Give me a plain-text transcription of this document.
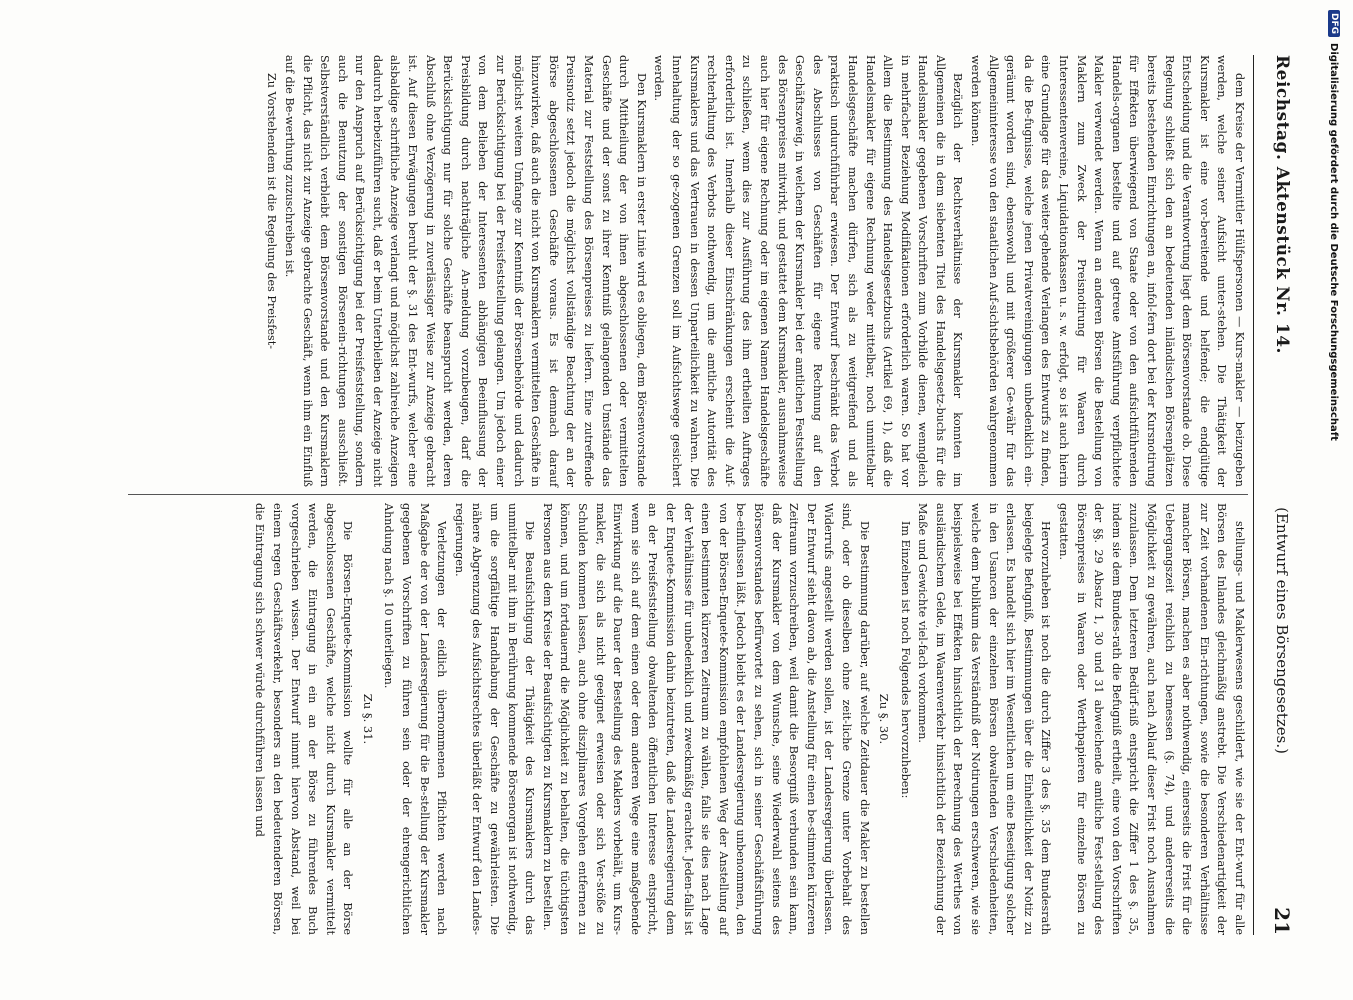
Reichstag. Aktenstück Nr. 14.
(Entwurf eines Börsengesetzes.)
21

dem Kreise der Vermittler Hülfspersonen — Kurs-makler — beizugeben werden, welche seiner Aufsicht unter-stehen. Die Thätigkeit der Kursmakler ist eine vor-bereitende und helfende; die endgültige Entscheidung und die Verantwortung liegt dem Börsenvorstande ob. Diese Regelung schließt sich den an bedeutenden inländischen Börsenplätzen bereits bestehenden Einrichtungen an, infol-fern dort bei der Kursnotirung für Effekten überwiegend von Staate oder von den aufsichtführenden Handels-organen bestellte und auf getreue Amtsführung verpflichtete Makler verwendet werden. Wenn an anderen Börsen die Bestellung von Maklern zum Zweck der Preisnotirung für Waaren durch Interessentenvereine, Liquidationskassen u. s. w. erfolgt, so ist auch hierin eine Grundlage für das weiter-gehende Verlangen des Entwurfs zu finden, da die Be-fugnisse, welche jenen Privatvereinigungen unbedenklich ein-geräumt worden sind, ebensowohl und mit größerer Ge-währ für das Allgemeininteresse von den staatlichen Auf-sichtsbehörden wahrgenommen werden können.

Bezüglich der Rechtsverhältnisse der Kursmakler konnten im Allgemeinen die in dem siebenten Titel des Handelsgesetz-buchs für die Handelsmakler gegebenen Vorschriften zum Vorbilde dienen, wenngleich in mehrfacher Beziehung Modifikationen erforderlich waren. So hat vor Allem die Bestimmung des Handelsgesetzbuchs (Artikel 69, 1), daß die Handelsmakler für eigene Rechnung weder mittelbar, noch unmittelbar Handelsgeschäfte machen dürfen, sich als zu weitgreifend und als praktisch undurchführbar erwiesen. Der Entwurf beschränkt das Verbot des Abschlusses von Geschäften für eigene Rechnung auf den Geschäftszweig, in welchem der Kursmakler bei der amtlichen Feststellung des Börsenpreises mitwirkt, und gestattet dem Kursmakler, ausnahmsweise auch hier für eigene Rechnung oder im eigenen Namen Handelsgeschäfte zu schließen, wenn dies zur Ausführung des ihm ertheilten Auftrages erforderlich ist. Innerhalb dieser Einschränkungen erscheint die Auf-rechterhaltung des Verbots nothwendig, um die amtliche Autorität des Kursmaklers und das Vertrauen in dessen Unparteilichkeit zu wahren. Die Innehaltung der so ge-zogenen Grenzen soll im Aufsichtswege gesichert werden.

Den Kursmaklern in erster Linie wird es obliegen, dem Börsenvorstande durch Mittheilung der von ihnen abgeschlossenen oder vermittelten Geschäfte und der sonst zu ihrer Kenntniß gelangenden Umstände das Material zur Feststellung des Börsenpreises zu liefern. Eine zutreffende Preisnotiz setzt jedoch die möglichst vollständige Beachtung der an der Börse abgeschlossenen Geschäfte voraus. Es ist demnach darauf hinzuwirken, daß auch die nicht von Kursmaklern vermittelten Geschäfte in möglichst weitem Umfange zur Kenntniß der Börsenbehörde und dadurch zur Berücksichtigung bei der Preisfeststellung gelangen. Um jedoch einer von dem Belieben der Interessenten abhängigen Beeinflussung der Preisbildung durch nachträgliche An-meldung vorzubeugen, darf die Berücksichtigung nur für solche Geschäfte beansprucht werden, deren Abschluß ohne Verzögerung in zuverlässiger Weise zur Anzeige gebracht ist. Auf diesen Erwägungen beruht der §. 31 des Ent-wurfs, welcher eine alsbaldige schriftliche Anzeige verlangt und möglichst zahlreiche Anzeigen dadurch herbeizuführen sucht, daß er beim Unterbleiben der Anzeige nicht nur den Anspruch auf Berücksichtigung bei der Preisfeststellung, sondern auch die Benutzung der sonstigen Börsenein-richtungen ausschließt. Selbstverständlich verbleibt dem Börsenvorstande und den Kursmaklern die Pflicht, das nicht zur Anzeige gebrachte Geschäft, wenn ihm ein Einfluß auf die Be-werthung zuzuschreiben ist.

Zu Vorstehendem ist die Regelung des Preisfest-

stellungs- und Maklerwesens geschildert, wie sie der Ent-wurf für alle Börsen des Inlandes gleichmäßig anstrebt. Die Verschiedenartigkeit der zur Zeit vorhandenen Ein-richtungen, sowie die besonderen Verhältnisse mancher Börsen, machen es aber nothwendig, einerseits die Frist für die Uebergangszeit reichlich zu bemessen (§. 74), und andererseits die Möglichkeit zu gewähren, auch nach Ablauf dieser Frist noch Ausnahmen zuzulassen. Dem letzteren Bedürf-niß entspricht die Ziffer 1 des §. 35, indem sie dem Bundes-rath die Befugniß ertheilt, eine von den Vorschriften der §§. 29 Absatz 1, 30 und 31 abweichende amtliche Fest-stellung des Börsenpreises in Waaren oder Werthpapieren für einzelne Börsen zu gestatten.

Hervorzuheben ist noch die durch Ziffer 3 des §. 35 dem Bundesrath beigelegte Befugniß, Bestimmungen über die Einheitlichkeit der Notiz zu erlassen. Es handelt sich hier im Wesentlichen um eine Beseitigung solcher in den Usancen der einzelnen Börsen obwaltenden Verschiedenheiten, welche dem Publikum das Verständniß der Notirungen erschweren, wie sie beispielsweise bei Effekten hinsichtlich der Berechnung des Werthes von ausländischem Gelde, im Waarenverkehr hinsichtlich der Bezeichnung der Maße und Gewichte viel-fach vorkommen.

Im Einzelnen ist noch Folgendes hervorzuheben:

Zu §. 30.

Die Bestimmung darüber, auf welche Zeitdauer die Makler zu bestellen sind, oder ob dieselben ohne zeit-liche Grenze unter Vorbehalt des Widerrufs angestellt werden sollen, ist der Landesregierung überlassen. Der Entwurf sieht davon ab, die Anstellung für einen be-stimmten kürzeren Zeitraum vorzuschreiben, weil damit die Besorgniß verbunden sein kann, daß der Kursmakler von dem Wunsche, seine Wiederwahl seitens des Börsenvorstandes befürwortet zu sehen, sich in seiner Geschäftsführung be-einflussen läßt. Jedoch bleibt es der Landesregierung unbenommen, den von der Börsen-Enquete-Kommission empfohlenen Weg der Anstellung auf einen bestimmten kürzeren Zeitraum zu wählen, falls sie dies nach Lage der Verhältnisse für unbedenklich und zweckmäßig erachtet. Jeden-falls ist der Enquete-Kommission dahin beizutreten, daß die Landesregierung dem an der Preisfeststellung obwaltenden öffentlichen Interesse entspricht, wenn sie sich auf dem einen oder dem anderen Wege eine maßgebende Einwirkung auf die Dauer der Bestellung des Maklers vorbehält, um Kurs-makler, die sich als nicht geeignet erweisen oder sich Ver-stöße zu Schulden kommen lassen, auch ohne disziplinares Vorgehen entfernen zu können, und um fortdauernd die Möglichkeit zu behalten, die tüchtigsten Personen aus dem Kreise der Beaufsichtigten zu Kursmaklern zu bestellen.

Die Beaufsichtigung der Thätigkeit des Kursmaklers durch das unmittelbar mit ihm in Berührung kommende Börsenorgan ist nothwendig, um die sorgfältige Handhabung der Geschäfte zu gewährleisten. Die nähere Abgrenzung des Aufsichtsrechtes überläßt der Entwurf den Landes-regierungen.

Verletzungen der eidlich übernommenen Pflichten werden nach Maßgabe der von der Landesregierung für die Be-stellung der Kursmakler gegebenen Vorschriften zu führen sein oder der ehrengerichtlichen Ahndung nach §. 10 unterliegen.

Zu §. 31.

Die Börsen-Enquete-Kommission wollte für alle an der Börse abgeschlossenen Geschäfte, welche nicht durch Kursmakler vermittelt werden, die Eintragung in ein an der Börse zu führendes Buch vorgeschrieben wissen. Der Entwurf nimmt hiervon Abstand, weil bei einem regen Geschäftsverkehr, besonders an den bedeutenderen Börsen, die Eintragung sich schwer würde durchführen lassen und

DFG
Digitalisierung gefördert durch die Deutsche Forschungsgemeinschaft
